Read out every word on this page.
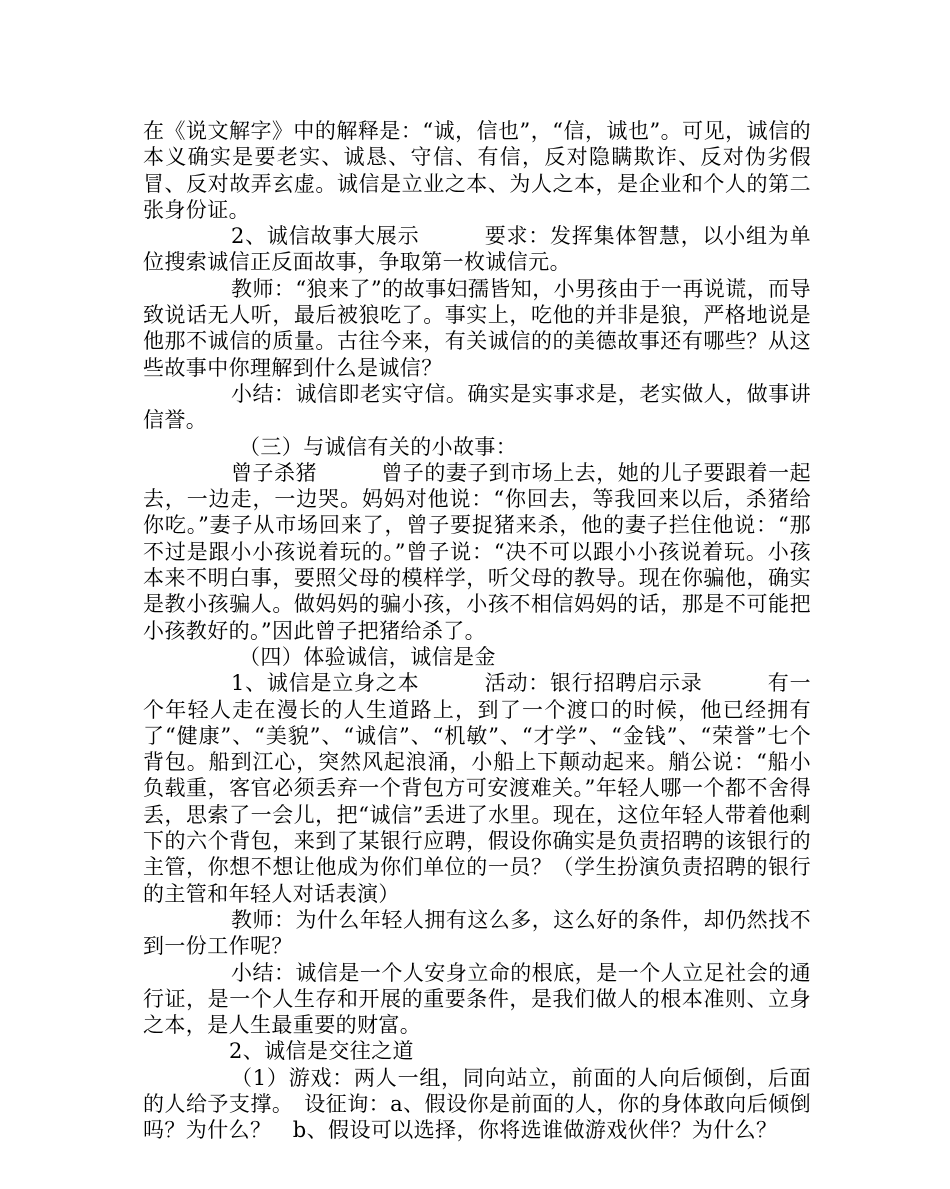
在《说文解字》中的解释是：“诚，信也”，“信，诚也”。可见，诚信的本义确实是要老实、诚恳、守信、有信，反对隐瞒欺诈、反对伪劣假冒、反对故弄玄虚。诚信是立业之本、为人之本，是企业和个人的第二张身份证。

2、诚信故事大展示　　　要求：发挥集体智慧，以小组为单位搜索诚信正反面故事，争取第一枚诚信元。

教师：“狼来了”的故事妇孺皆知，小男孩由于一再说谎，而导致说话无人听，最后被狼吃了。事实上，吃他的并非是狼，严格地说是他那不诚信的质量。古往今来，有关诚信的的美德故事还有哪些？从这些故事中你理解到什么是诚信？

小结：诚信即老实守信。确实是实事求是，老实做人，做事讲信誉。

（三）与诚信有关的小故事：

曾子杀猪　　　曾子的妻子到市场上去，她的儿子要跟着一起去，一边走，一边哭。妈妈对他说：“你回去，等我回来以后，杀猪给你吃。”妻子从市场回来了，曾子要捉猪来杀，他的妻子拦住他说：“那不过是跟小小孩说着玩的。”曾子说：“决不可以跟小小孩说着玩。小孩本来不明白事，要照父母的模样学，听父母的教导。现在你骗他，确实是教小孩骗人。做妈妈的骗小孩，小孩不相信妈妈的话，那是不可能把小孩教好的。”因此曾子把猪给杀了。

（四）体验诚信，诚信是金

1、诚信是立身之本　　　活动：银行招聘启示录　　　有一个年轻人走在漫长的人生道路上，到了一个渡口的时候，他已经拥有了“健康”、“美貌”、“诚信”、“机敏”、“才学”、“金钱”、“荣誉”七个背包。船到江心，突然风起浪涌，小船上下颠动起来。艄公说：“船小负载重，客官必须丢弃一个背包方可安渡难关。”年轻人哪一个都不舍得丢，思索了一会儿，把“诚信”丢进了水里。现在，这位年轻人带着他剩下的六个背包，来到了某银行应聘，假设你确实是负责招聘的该银行的主管，你想不想让他成为你们单位的一员？（学生扮演负责招聘的银行的主管和年轻人对话表演）

教师：为什么年轻人拥有这么多，这么好的条件，却仍然找不到一份工作呢？

小结：诚信是一个人安身立命的根底，是一个人立足社会的通行证，是一个人生存和开展的重要条件，是我们做人的根本准则、立身之本，是人生最重要的财富。

2、诚信是交往之道

（1）游戏：两人一组，同向站立，前面的人向后倾倒，后面的人给予支撑。　设征询：a、假设你是前面的人，你的身体敢向后倾倒吗？为什么？　b、假设可以选择，你将选谁做游戏伙伴？为什么？
